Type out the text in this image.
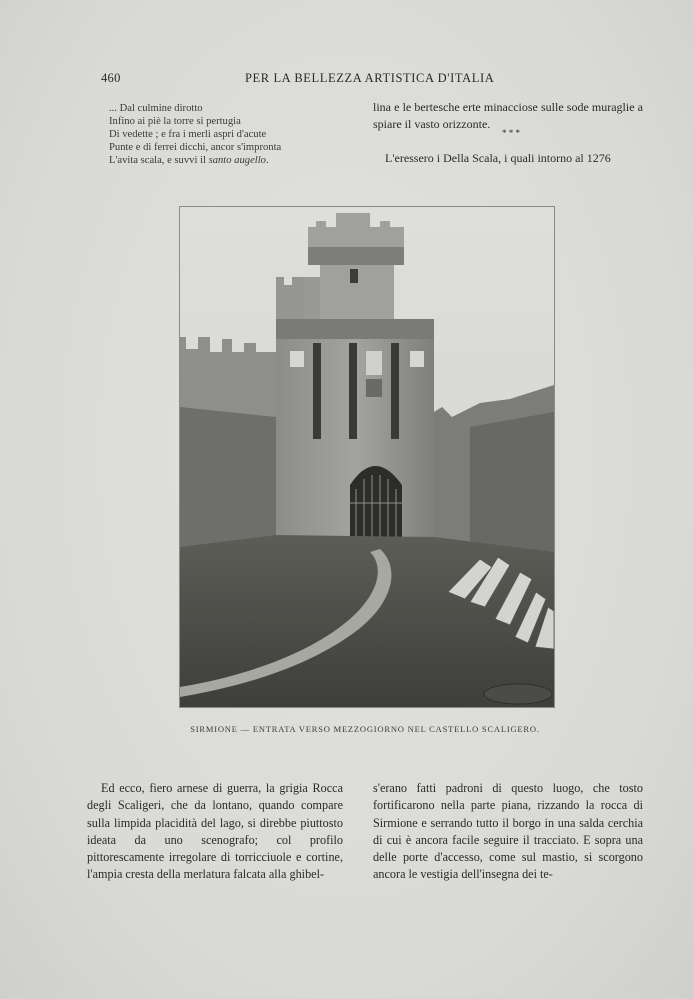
460	PER LA BELLEZZA ARTISTICA D'ITALIA
... Dal culmine dirotto
Infino ai piè la torre si pertugia
Di vedette ; e fra i merli aspri d'acute
Punte e di ferrei dicchi, ancor s'impronta
L'avita scala, e suvvi il santo augello.

lina e le bertesche erte minacciose sulle sode muraglie a spiare il vasto orizzonte.

* * *
L'eressero i Della Scala, i quali intorno al 1276
SIRMIONE — ENTRATA VERSO MEZZOGIORNO NEL CASTELLO SCALIGERO.

Ed ecco, fiero arnese di guerra, la grigia Rocca degli Scaligeri, che da lontano, quando compare sulla limpida placidità del lago, si direbbe piuttosto ideata da uno scenografo; col profilo pittorescamente irregolare di torricciuole e cortine, l'ampia cresta della merlatura falcata alla ghibel-

s'erano fatti padroni di questo luogo, che tosto fortificarono nella parte piana, rizzando la rocca di Sirmione e serrando tutto il borgo in una salda cerchia di cui è ancora facile seguire il tracciato. E sopra una delle porte d'accesso, come sul mastio, si scorgono ancora le vestigia dell'insegna dei te-
